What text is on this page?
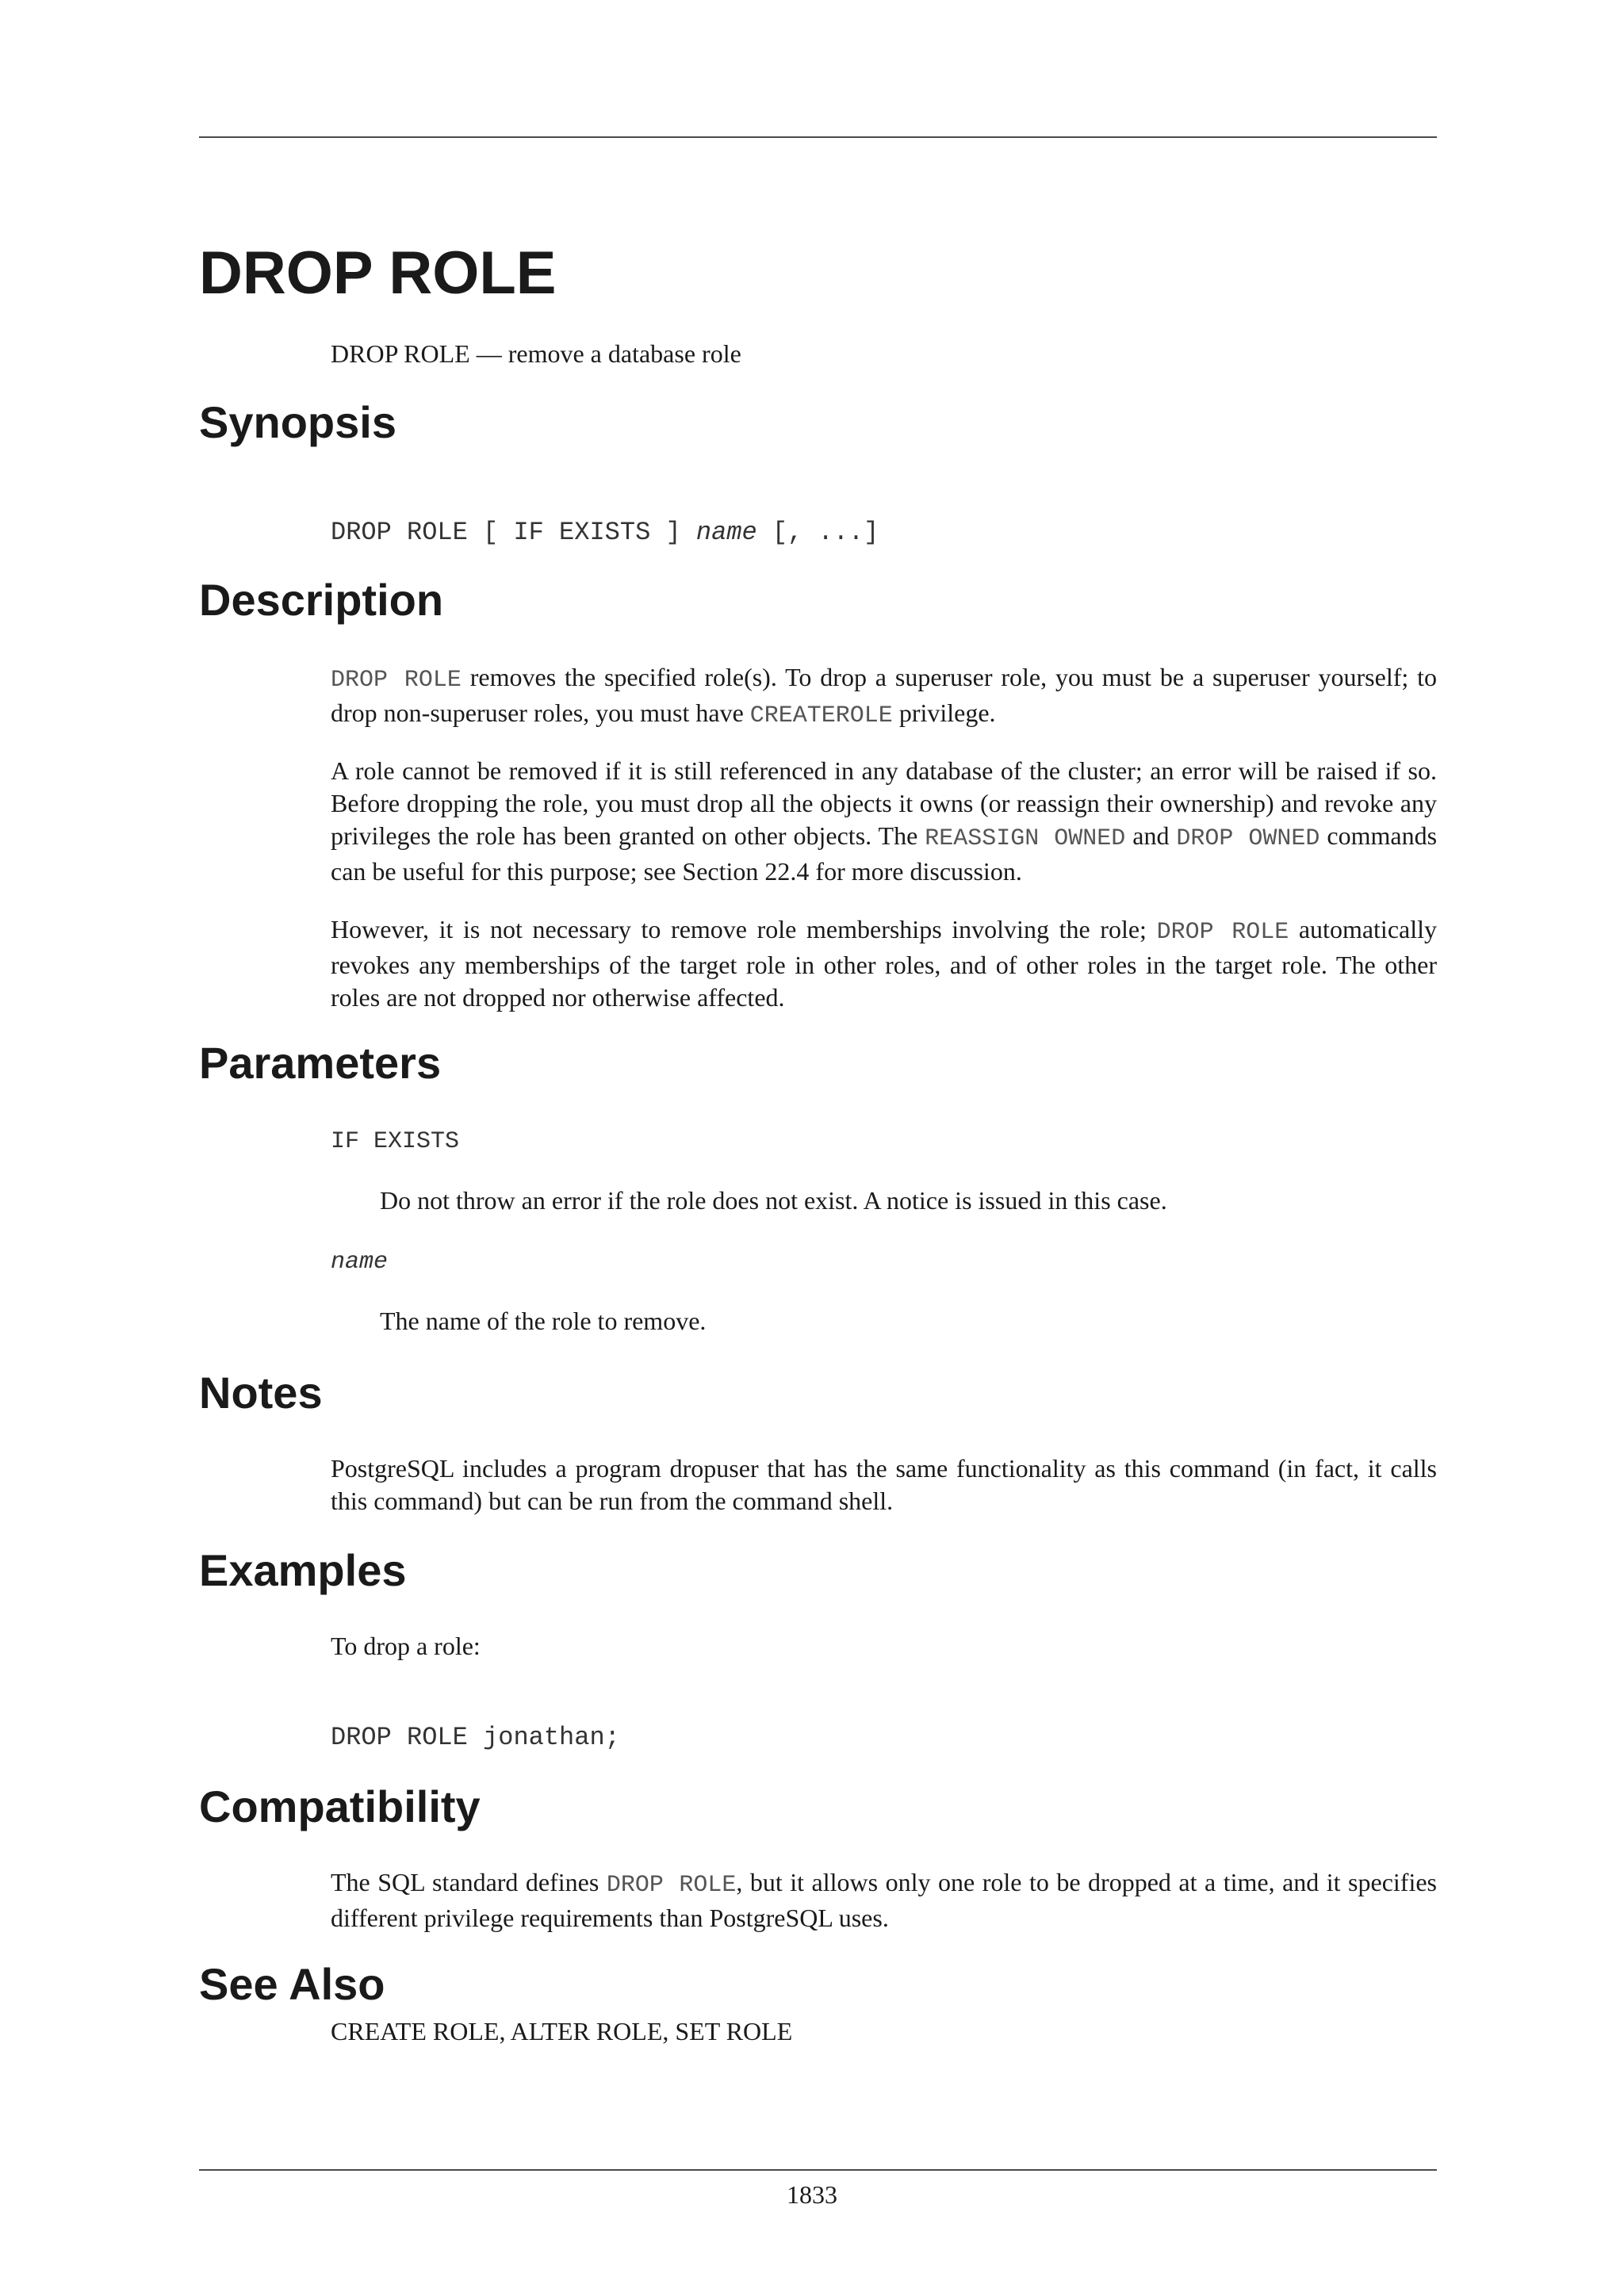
DROP ROLE

DROP ROLE — remove a database role

Synopsis

DROP ROLE [ IF EXISTS ] name [, ...]

Description

DROP ROLE removes the specified role(s). To drop a superuser role, you must be a superuser yourself; to drop non-superuser roles, you must have CREATEROLE privilege.

A role cannot be removed if it is still referenced in any database of the cluster; an error will be raised if so. Before dropping the role, you must drop all the objects it owns (or reassign their ownership) and revoke any privileges the role has been granted on other objects. The REASSIGN OWNED and DROP OWNED commands can be useful for this purpose; see Section 22.4 for more discussion.

However, it is not necessary to remove role memberships involving the role; DROP ROLE automatically revokes any memberships of the target role in other roles, and of other roles in the target role. The other roles are not dropped nor otherwise affected.

Parameters

IF EXISTS

Do not throw an error if the role does not exist. A notice is issued in this case.

name

The name of the role to remove.

Notes

PostgreSQL includes a program dropuser that has the same functionality as this command (in fact, it calls this command) but can be run from the command shell.

Examples

To drop a role:

DROP ROLE jonathan;

Compatibility

The SQL standard defines DROP ROLE, but it allows only one role to be dropped at a time, and it specifies different privilege requirements than PostgreSQL uses.

See Also

CREATE ROLE, ALTER ROLE, SET ROLE

1833
